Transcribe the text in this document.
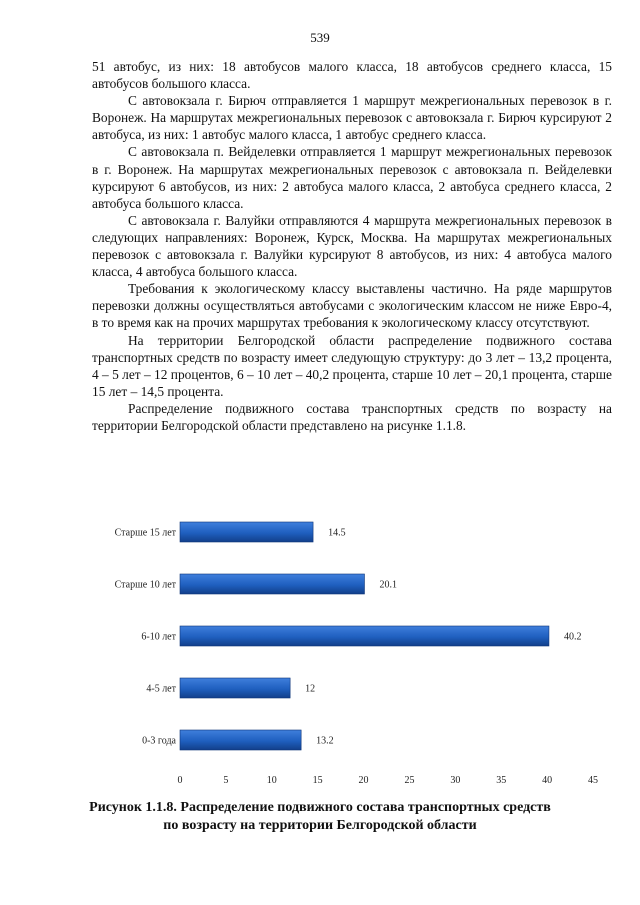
539

51 автобус, из них: 18 автобусов малого класса, 18 автобусов среднего класса, 15 автобусов большого класса.

С автовокзала г. Бирюч отправляется 1 маршрут межрегиональных перевозок в г. Воронеж. На маршрутах межрегиональных перевозок с автовокзала г. Бирюч курсируют 2 автобуса, из них: 1 автобус малого класса, 1 автобус среднего класса.

С автовокзала п. Вейделевки отправляется 1 маршрут межрегиональных перевозок в г. Воронеж. На маршрутах межрегиональных перевозок с автовокзала п. Вейделевки курсируют 6 автобусов, из них: 2 автобуса малого класса, 2 автобуса среднего класса, 2 автобуса большого класса.

С автовокзала г. Валуйки отправляются 4 маршрута межрегиональных перевозок в следующих направлениях: Воронеж, Курск, Москва. На маршрутах межрегиональных перевозок с автовокзала г. Валуйки курсируют 8 автобусов, из них: 4 автобуса малого класса, 4 автобуса большого класса.

Требования к экологическому классу выставлены частично. На ряде маршрутов перевозки должны осуществляться автобусами с экологическим классом не ниже Евро-4, в то время как на прочих маршрутах требования к экологическому классу отсутствуют.

На территории Белгородской области распределение подвижного состава транспортных средств по возрасту имеет следующую структуру: до 3 лет – 13,2 процента, 4 – 5 лет – 12 процентов, 6 – 10 лет – 40,2 процента, старше 10 лет – 20,1 процента, старше 15 лет – 14,5 процента.

Распределение подвижного состава транспортных средств по возрасту на территории Белгородской области представлено на рисунке 1.1.8.

Старше 15 лет	14.5
Старше 10 лет	20.1
6-10 лет	40.2
4-5 лет	12
0-3 года	13.2
0	5	10	15	20	25	30	35	40	45
Рисунок 1.1.8. Распределение подвижного состава транспортных средств по возрасту на территории Белгородской области
